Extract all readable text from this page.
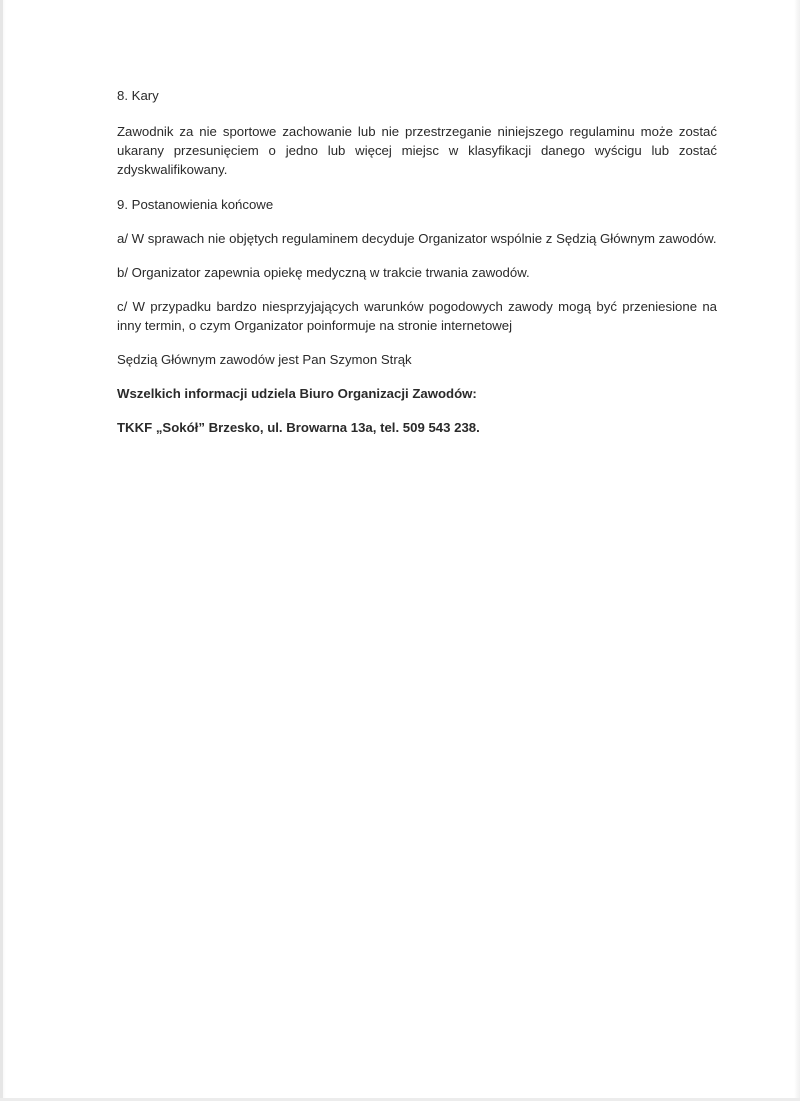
8. Kary

Zawodnik za nie sportowe zachowanie lub nie przestrzeganie niniejszego regulaminu może zostać ukarany przesunięciem o jedno lub więcej miejsc w klasyfikacji danego wyścigu lub zostać zdyskwalifikowany.

9. Postanowienia końcowe

a/ W sprawach nie objętych regulaminem decyduje Organizator wspólnie z Sędzią Głównym zawodów.

b/ Organizator zapewnia opiekę medyczną w trakcie trwania zawodów.

c/ W przypadku bardzo niesprzyjających warunków pogodowych zawody mogą być przeniesione na inny termin, o czym Organizator poinformuje na stronie internetowej

Sędzią Głównym zawodów jest Pan Szymon Strąk

Wszelkich informacji udziela Biuro Organizacji Zawodów:

TKKF „Sokół” Brzesko, ul. Browarna 13a, tel. 509 543 238.
